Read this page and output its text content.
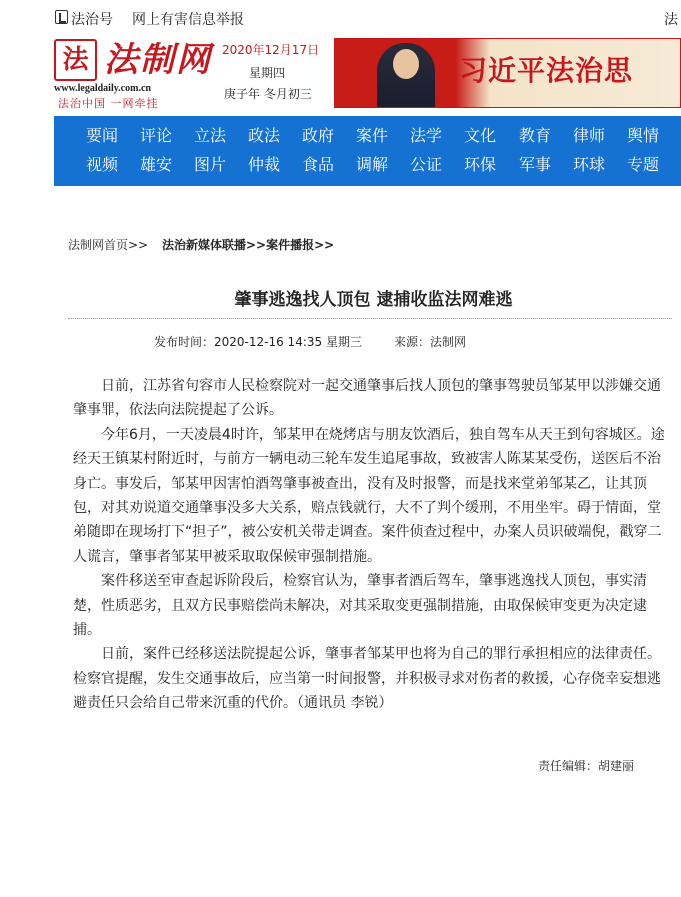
法治号 网上有害信息举报	法
法 法制网
www.legaldaily.com.cn
法治中国 一网牵挂
2020年12月17日
星期四
庚子年 冬月初三
习近平法治思
要闻 评论 立法 政法 政府 案件 法学 文化 教育 律师 舆情
视频 雄安 图片 仲裁 食品 调解 公证 环保 军事 环球 专题
法制网首页>> 法治新媒体联播>>案件播报>>
肇事逃逸找人顶包 逮捕收监法网难逃
发布时间：2020-12-16 14:35 星期三	来源：法制网

日前，江苏省句容市人民检察院对一起交通肇事后找人顶包的肇事驾驶员邹某甲以涉嫌交通肇事罪，依法向法院提起了公诉。

今年6月，一天凌晨4时许，邹某甲在烧烤店与朋友饮酒后，独自驾车从天王到句容城区。途经天王镇某村附近时，与前方一辆电动三轮车发生追尾事故，致被害人陈某某受伤，送医后不治身亡。事发后，邹某甲因害怕酒驾肇事被查出，没有及时报警，而是找来堂弟邹某乙，让其顶包，对其劝说道交通肇事没多大关系，赔点钱就行，大不了判个缓刑，不用坐牢。碍于情面，堂弟随即在现场打下“担子”，被公安机关带走调查。案件侦查过程中，办案人员识破端倪，戳穿二人谎言，肇事者邹某甲被采取取保候审强制措施。

案件移送至审查起诉阶段后，检察官认为，肇事者酒后驾车，肇事逃逸找人顶包，事实清楚，性质恶劣，且双方民事赔偿尚未解决，对其采取变更强制措施，由取保候审变更为决定逮捕。

日前，案件已经移送法院提起公诉，肇事者邹某甲也将为自己的罪行承担相应的法律责任。检察官提醒，发生交通事故后，应当第一时间报警，并积极寻求对伤者的救援，心存侥幸妄想逃避责任只会给自己带来沉重的代价。（通讯员 李锐）

责任编辑：胡建丽
